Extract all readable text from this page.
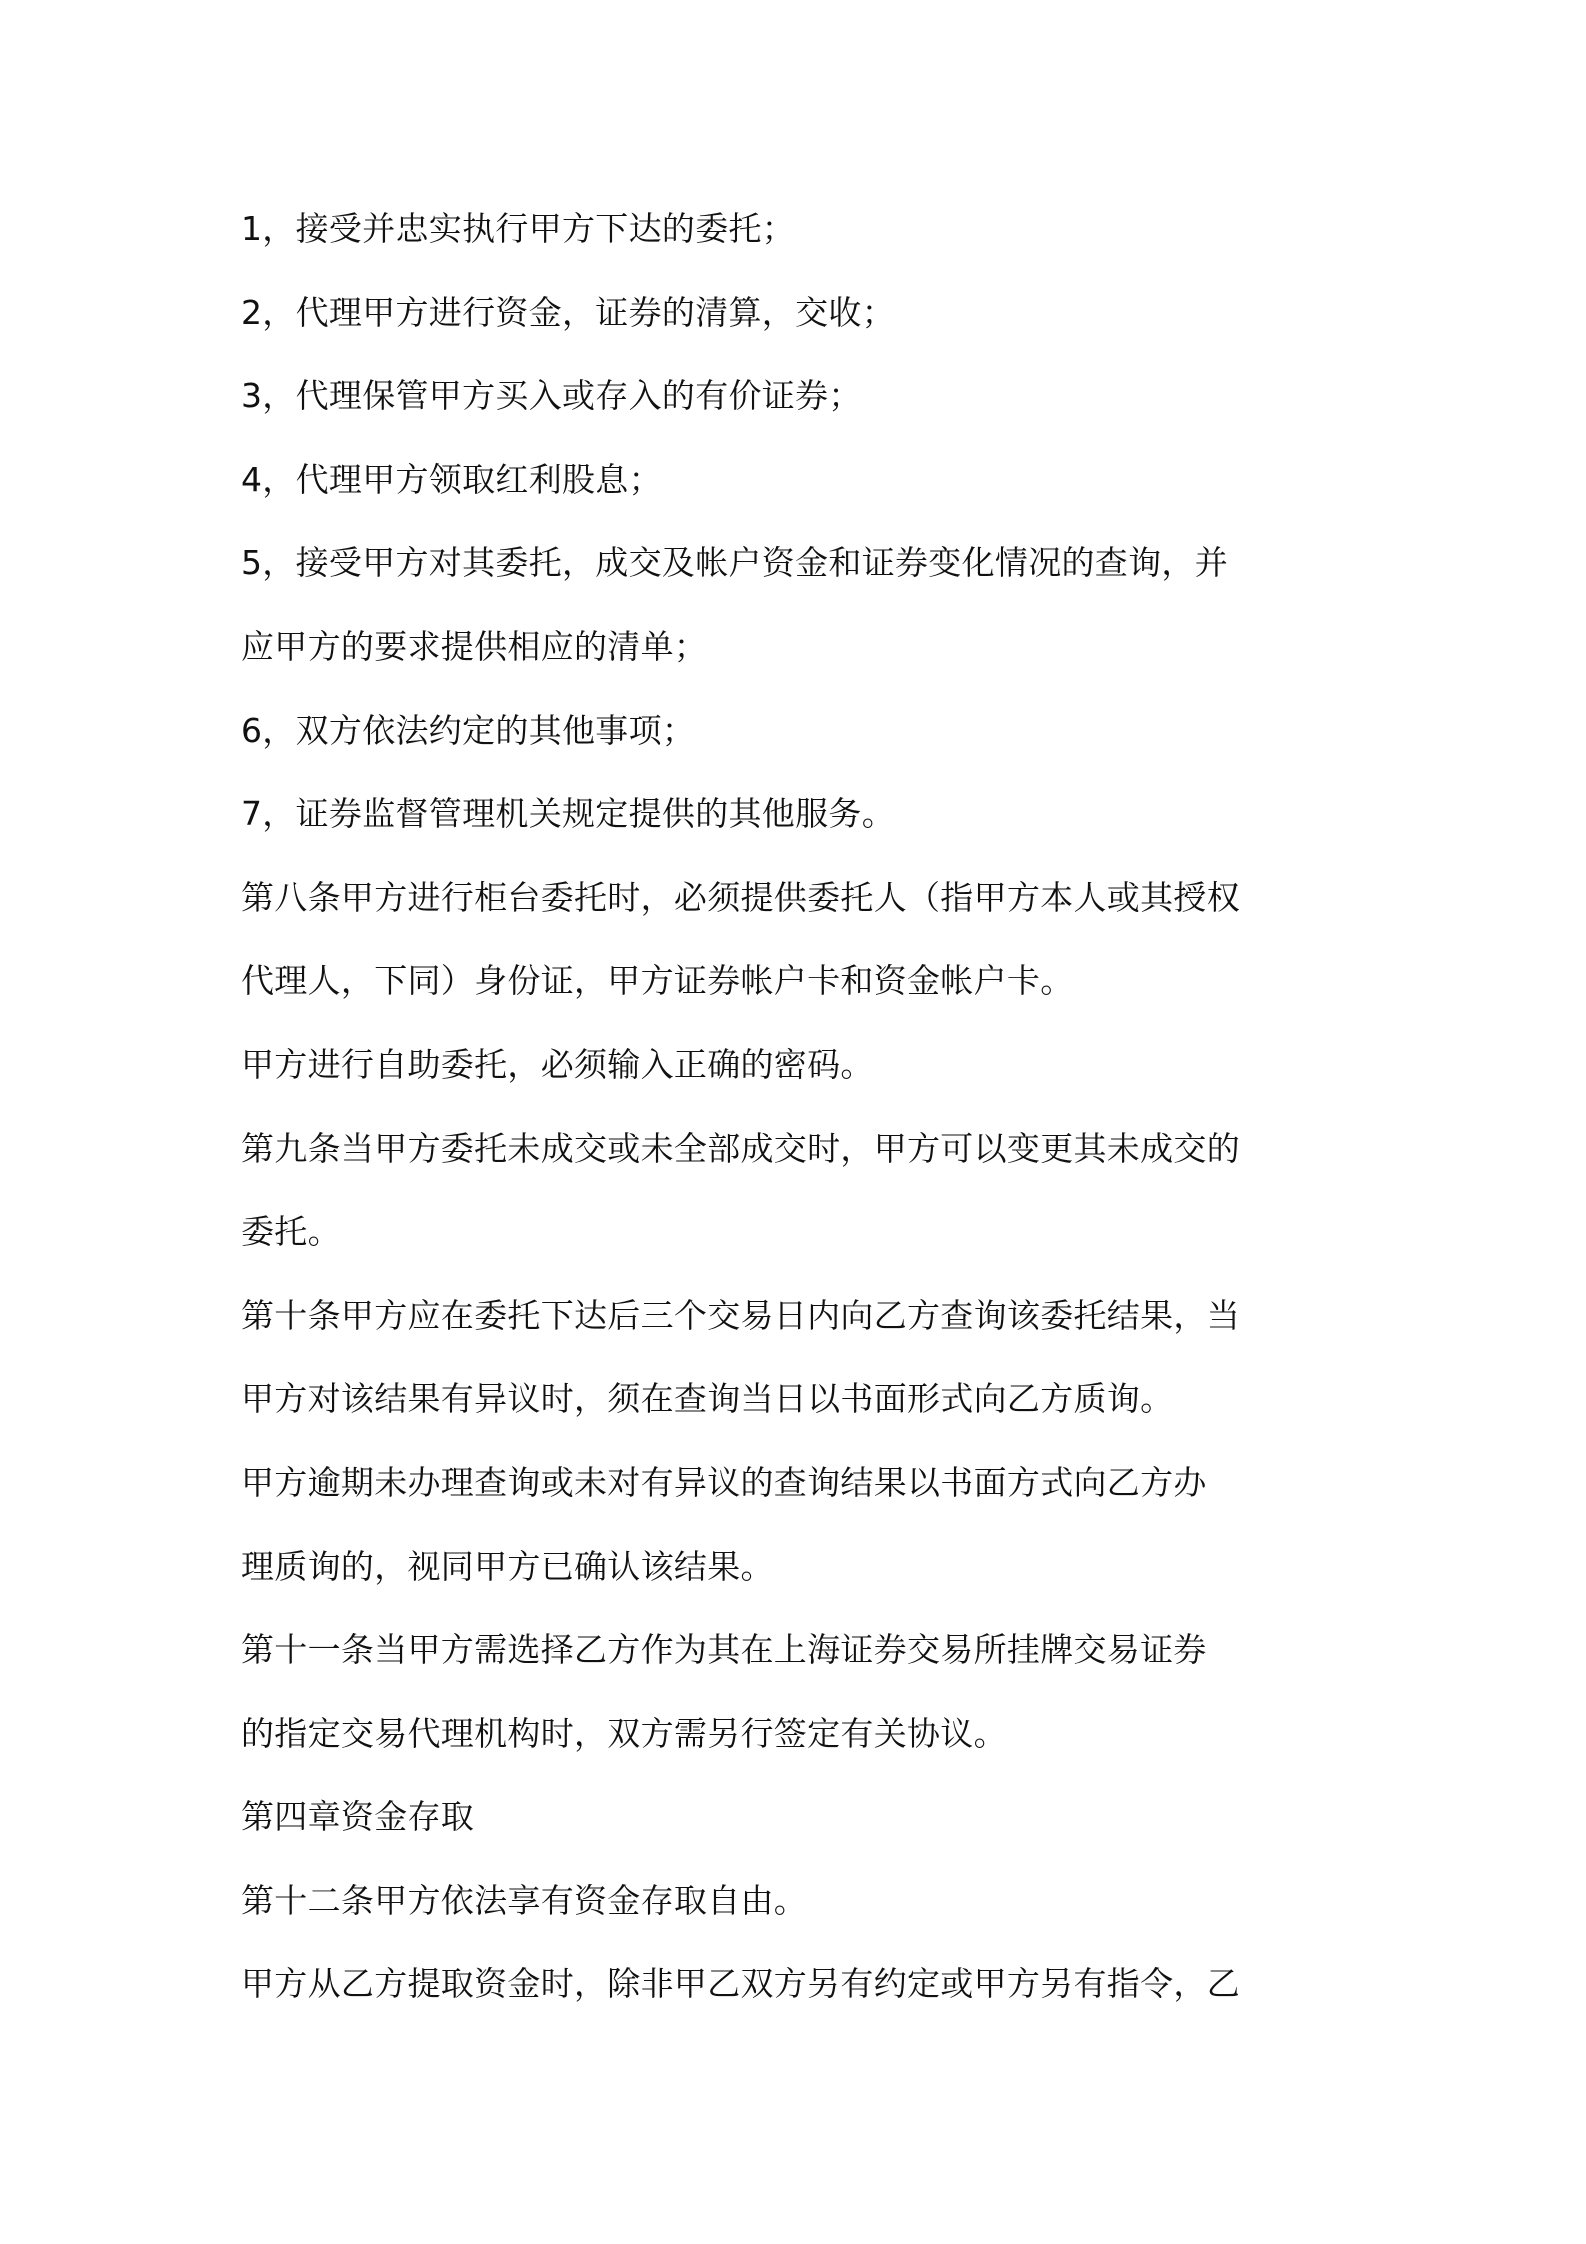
1，接受并忠实执行甲方下达的委托；
2，代理甲方进行资金，证券的清算，交收；
3，代理保管甲方买入或存入的有价证券；
4，代理甲方领取红利股息；
5，接受甲方对其委托，成交及帐户资金和证券变化情况的查询，并
应甲方的要求提供相应的清单；
6，双方依法约定的其他事项；
7，证券监督管理机关规定提供的其他服务。
第八条甲方进行柜台委托时，必须提供委托人（指甲方本人或其授权
代理人，下同）身份证，甲方证券帐户卡和资金帐户卡。
甲方进行自助委托，必须输入正确的密码。
第九条当甲方委托未成交或未全部成交时，甲方可以变更其未成交的
委托。
第十条甲方应在委托下达后三个交易日内向乙方查询该委托结果，当
甲方对该结果有异议时，须在查询当日以书面形式向乙方质询。
甲方逾期未办理查询或未对有异议的查询结果以书面方式向乙方办
理质询的，视同甲方已确认该结果。
第十一条当甲方需选择乙方作为其在上海证券交易所挂牌交易证券
的指定交易代理机构时，双方需另行签定有关协议。
第四章资金存取
第十二条甲方依法享有资金存取自由。
甲方从乙方提取资金时，除非甲乙双方另有约定或甲方另有指令，乙
